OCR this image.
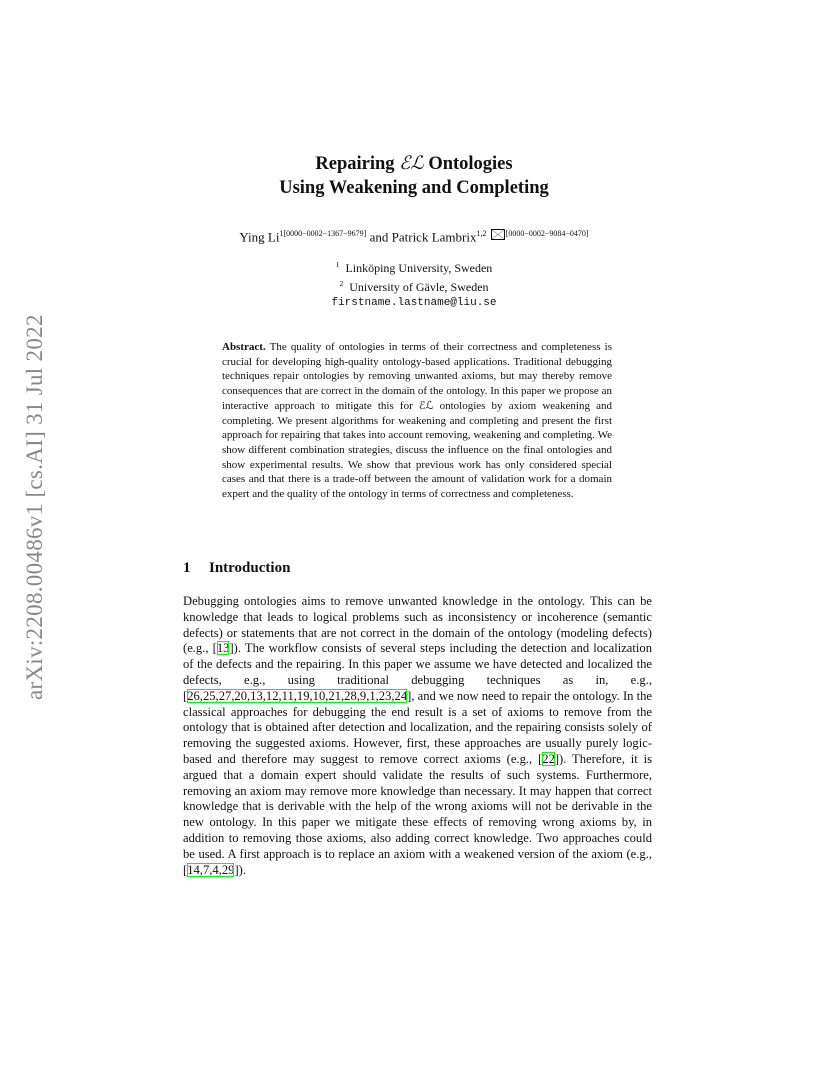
arXiv:2208.00486v1 [cs.AI] 31 Jul 2022
Repairing ℰℒ Ontologies
Using Weakening and Completing
Ying $Li^{1[0000-0002-1367-9679]}$ and Patrick Lambrix$^{1,2}$ [0000−0002−9084−0470]
$^1$ Linköping University, Sweden
$^2$ University of Gävle, Sweden
firstname.lastname@liu.se
Abstract. The quality of ontologies in terms of their correctness and completeness is crucial for developing high-quality ontology-based applications. Traditional debugging techniques repair ontologies by removing unwanted axioms, but may thereby remove consequences that are correct in the domain of the ontology. In this paper we propose an interactive approach to mitigate this for ℰℒ ontologies by axiom weakening and completing. We present algorithms for weakening and completing and present the first approach for repairing that takes into account removing, weakening and completing. We show different combination strategies, discuss the influence on the final ontologies and show experimental results. We show that previous work has only considered special cases and that there is a trade-off between the amount of validation work for a domain expert and the quality of the ontology in terms of correctness and completeness.
1 Introduction
Debugging ontologies aims to remove unwanted knowledge in the ontology. This can be knowledge that leads to logical problems such as inconsistency or incoherence (semantic defects) or statements that are not correct in the domain of the ontology (modeling defects) (e.g., [13]). The workflow consists of several steps including the detection and localization of the defects and the repairing. In this paper we assume we have detected and localized the defects, e.g., using traditional debugging techniques as in, e.g., [26,25,27,20,13,12,11,19,10,21,28,9,1,23,24], and we now need to repair the ontology. In the classical approaches for debugging the end result is a set of axioms to remove from the ontology that is obtained after detection and localization, and the repairing consists solely of removing the suggested axioms. However, first, these approaches are usually purely logic-based and therefore may suggest to remove correct axioms (e.g., [22]). Therefore, it is argued that a domain expert should validate the results of such systems. Furthermore, removing an axiom may remove more knowledge than necessary. It may happen that correct knowledge that is derivable with the help of the wrong axioms will not be derivable in the new ontology. In this paper we mitigate these effects of removing wrong axioms by, in addition to removing those axioms, also adding correct knowledge. Two approaches could be used. A first approach is to replace an axiom with a weakened version of the axiom (e.g., [14,7,4,29]).
